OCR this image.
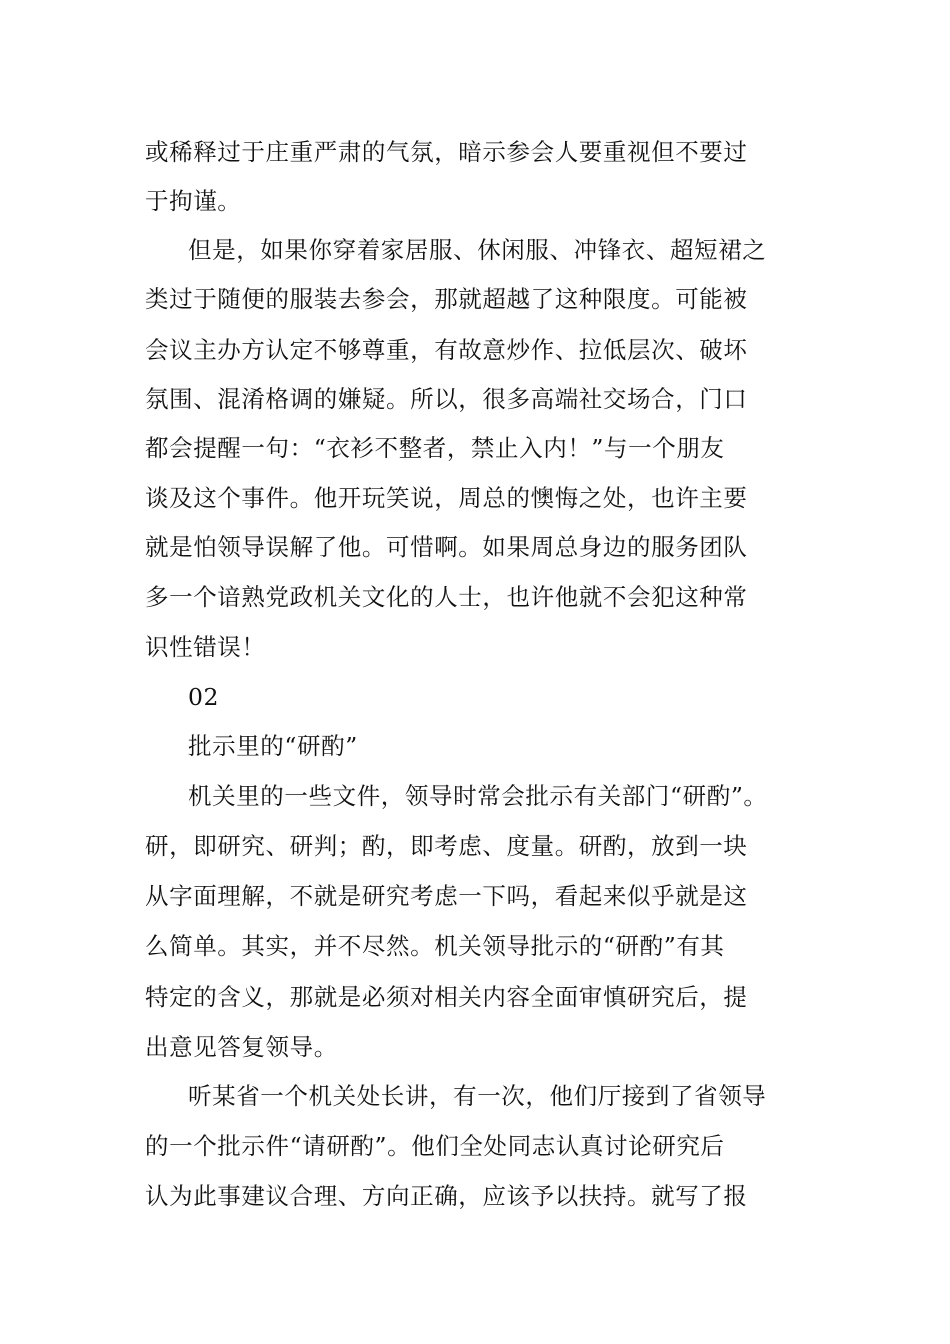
或稀释过于庄重严肃的气氛，暗示参会人要重视但不要过
于拘谨。
但是，如果你穿着家居服、休闲服、冲锋衣、超短裙之
类过于随便的服装去参会，那就超越了这种限度。可能被
会议主办方认定不够尊重，有故意炒作、拉低层次、破坏
氛围、混淆格调的嫌疑。所以，很多高端社交场合，门口
都会提醒一句：“衣衫不整者，禁止入内！”与一个朋友
谈及这个事件。他开玩笑说，周总的懊悔之处，也许主要
就是怕领导误解了他。可惜啊。如果周总身边的服务团队
多一个谙熟党政机关文化的人士，也许他就不会犯这种常
识性错误！
02
批示里的“研酌”
机关里的一些文件，领导时常会批示有关部门“研酌”。
研，即研究、研判；酌，即考虑、度量。研酌，放到一块
从字面理解，不就是研究考虑一下吗，看起来似乎就是这
么简单。其实，并不尽然。机关领导批示的“研酌”有其
特定的含义，那就是必须对相关内容全面审慎研究后，提
出意见答复领导。
听某省一个机关处长讲，有一次，他们厅接到了省领导
的一个批示件“请研酌”。他们全处同志认真讨论研究后
认为此事建议合理、方向正确，应该予以扶持。就写了报
